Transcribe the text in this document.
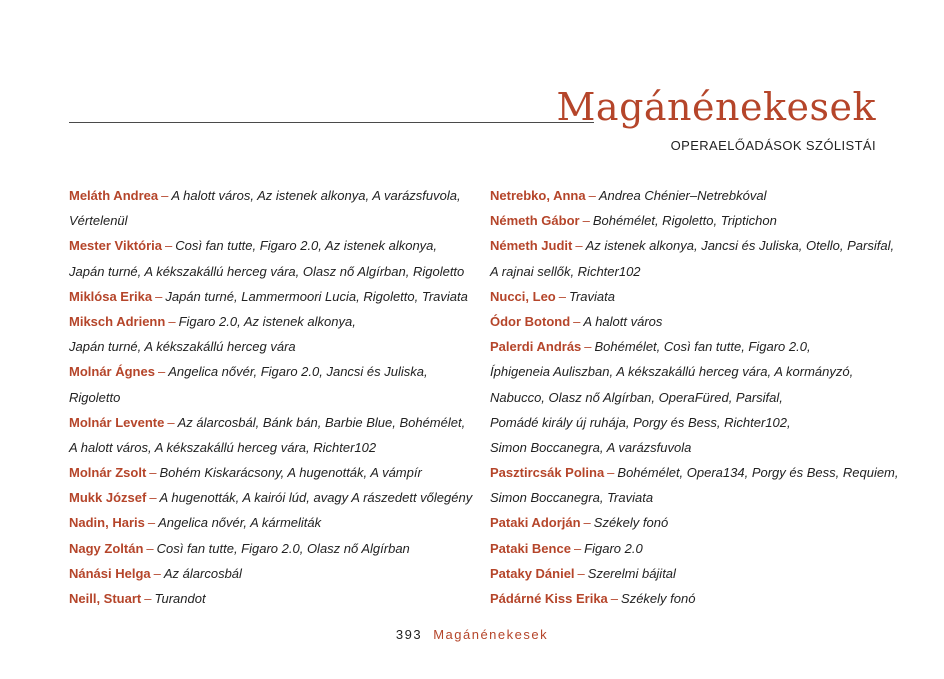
Magánénekesek
OPERAELŐADÁSOK SZÓLISTÁI
Meláth Andrea – A halott város, Az istenek alkonya, A varázsfuvola,
Vértelenül
Mester Viktória – Così fan tutte, Figaro 2.0, Az istenek alkonya,
Japán turné, A kékszakállú herceg vára, Olasz nő Algírban, Rigoletto
Miklósa Erika – Japán turné, Lammermoori Lucia, Rigoletto, Traviata
Miksch Adrienn – Figaro 2.0, Az istenek alkonya,
Japán turné, A kékszakállú herceg vára
Molnár Ágnes – Angelica nővér, Figaro 2.0, Jancsi és Juliska,
Rigoletto
Molnár Levente – Az álarcosbál, Bánk bán, Barbie Blue, Bohémélet,
A halott város, A kékszakállú herceg vára, Richter102
Molnár Zsolt – Bohém Kiskarácsony, A hugenották, A vámpír
Mukk József – A hugenották, A kairói lúd, avagy A rászedett vőlegény
Nadin, Haris – Angelica nővér, A kármeliták
Nagy Zoltán – Così fan tutte, Figaro 2.0, Olasz nő Algírban
Nánási Helga – Az álarcosbál
Neill, Stuart – Turandot
Netrebko, Anna – Andrea Chénier–Netrebkóval
Németh Gábor – Bohémélet, Rigoletto, Triptichon
Németh Judit – Az istenek alkonya, Jancsi és Juliska, Otello, Parsifal,
A rajnai sellők, Richter102
Nucci, Leo – Traviata
Ódor Botond – A halott város
Palerdi András – Bohémélet, Così fan tutte, Figaro 2.0,
Íphigeneia Auliszban, A kékszakállú herceg vára, A kormányzó,
Nabucco, Olasz nő Algírban, OperaFüred, Parsifal,
Pomádé király új ruhája, Porgy és Bess, Richter102,
Simon Boccanegra, A varázsfuvola
Pasztircsák Polina – Bohémélet, Opera134, Porgy és Bess, Requiem,
Simon Boccanegra, Traviata
Pataki Adorján – Székely fonó
Pataki Bence – Figaro 2.0
Pataky Dániel – Szerelmi bájital
Pádárné Kiss Erika – Székely fonó
393 Magánénekesek
